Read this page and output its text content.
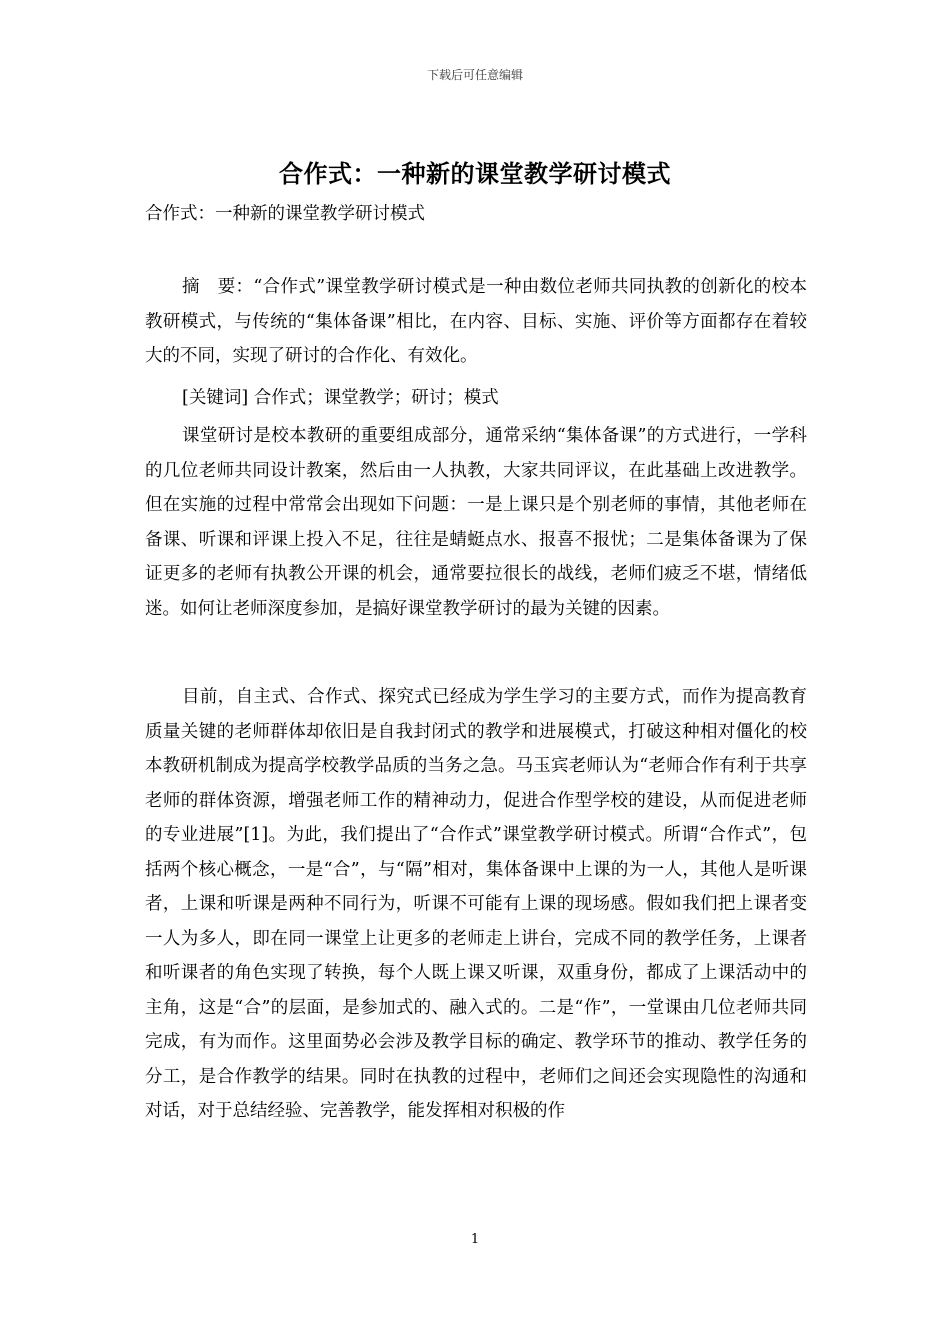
下载后可任意编辑
合作式：一种新的课堂教学研讨模式
合作式：一种新的课堂教学研讨模式

摘　要：“合作式”课堂教学研讨模式是一种由数位老师共同执教的创新化的校本教研模式，与传统的“集体备课”相比，在内容、目标、实施、评价等方面都存在着较大的不同，实现了研讨的合作化、有效化。

[关键词] 合作式；课堂教学；研讨；模式

课堂研讨是校本教研的重要组成部分，通常采纳“集体备课”的方式进行，一学科的几位老师共同设计教案，然后由一人执教，大家共同评议，在此基础上改进教学。但在实施的过程中常常会出现如下问题：一是上课只是个别老师的事情，其他老师在备课、听课和评课上投入不足，往往是蜻蜓点水、报喜不报忧；二是集体备课为了保证更多的老师有执教公开课的机会，通常要拉很长的战线，老师们疲乏不堪，情绪低迷。如何让老师深度参加，是搞好课堂教学研讨的最为关键的因素。

目前，自主式、合作式、探究式已经成为学生学习的主要方式，而作为提高教育质量关键的老师群体却依旧是自我封闭式的教学和进展模式，打破这种相对僵化的校本教研机制成为提高学校教学品质的当务之急。马玉宾老师认为“老师合作有利于共享老师的群体资源，增强老师工作的精神动力，促进合作型学校的建设，从而促进老师的专业进展”[1]。为此，我们提出了“合作式”课堂教学研讨模式。所谓“合作式”，包括两个核心概念，一是“合”，与“隔”相对，集体备课中上课的为一人，其他人是听课者，上课和听课是两种不同行为，听课不可能有上课的现场感。假如我们把上课者变一人为多人，即在同一课堂上让更多的老师走上讲台，完成不同的教学任务，上课者和听课者的角色实现了转换，每个人既上课又听课，双重身份，都成了上课活动中的主角，这是“合”的层面，是参加式的、融入式的。二是“作”，一堂课由几位老师共同完成，有为而作。这里面势必会涉及教学目标的确定、教学环节的推动、教学任务的分工，是合作教学的结果。同时在执教的过程中，老师们之间还会实现隐性的沟通和对话，对于总结经验、完善教学，能发挥相对积极的作

1
